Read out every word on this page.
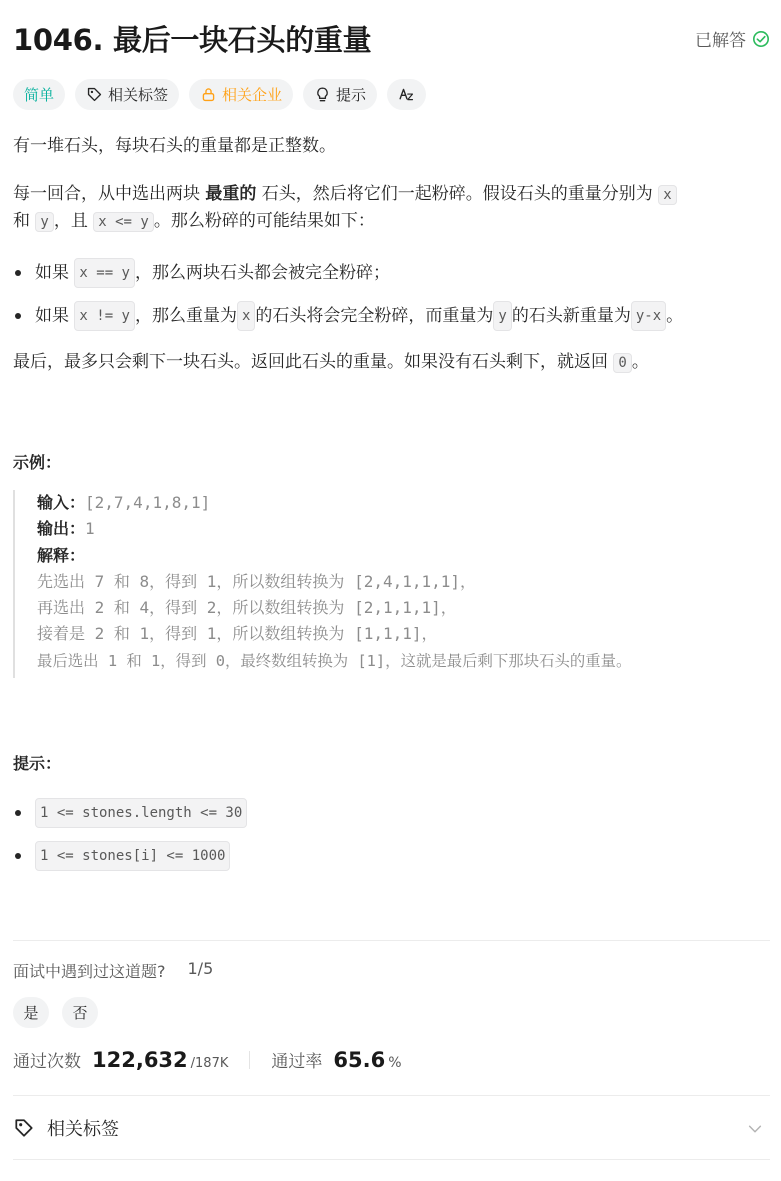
1046. 最后一块石头的重量	已解答
简单	相关标签	相关企业	提示
有一堆石头，每块石头的重量都是正整数。
每一回合，从中选出两块 最重的 石头，然后将它们一起粉碎。假设石头的重量分别为 x
和 y ，且 x <= y 。那么粉碎的可能结果如下：
如果
x == y ，那么两块石头都会被完全粉碎；
如果
x != y ，那么重量为 x 的石头将会完全粉碎，而重量为 y 的石头新重量为 y-x 。
最后，最多只会剩下一块石头。返回此石头的重量。如果没有石头剩下，就返回 0 。
示例：
输入：[2,7,4,1,8,1]
输出：1
解释：
先选出 7 和 8，得到 1，所以数组转换为 [2,4,1,1,1]，
再选出 2 和 4，得到 2，所以数组转换为 [2,1,1,1]，
接着是 2 和 1，得到 1，所以数组转换为 [1,1,1]，
最后选出 1 和 1，得到 0，最终数组转换为 [1]，这就是最后剩下那块石头的重量。
提示：
1 <= stones.length <= 30
1 <= stones[i] <= 1000
面试中遇到过这道题? 1/5
是	否
通过次数 122,632 /187K	通过率 65.6 %
相关标签
